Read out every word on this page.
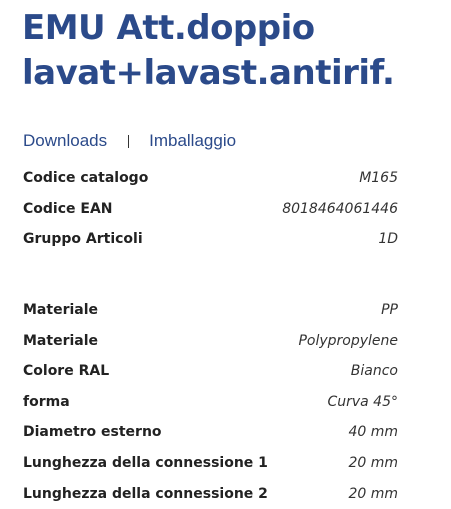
EMU Att.doppio lavat+lavast.antirif.
Downloads Imballaggio
Codice catalogo	M165
Codice EAN	8018464061446
Gruppo Articoli	1D
Materiale	PP
Materiale	Polypropylene
Colore RAL	Bianco
forma	Curva 45°
Diametro esterno	40 mm
Lunghezza della connessione 1	20 mm
Lunghezza della connessione 2	20 mm
